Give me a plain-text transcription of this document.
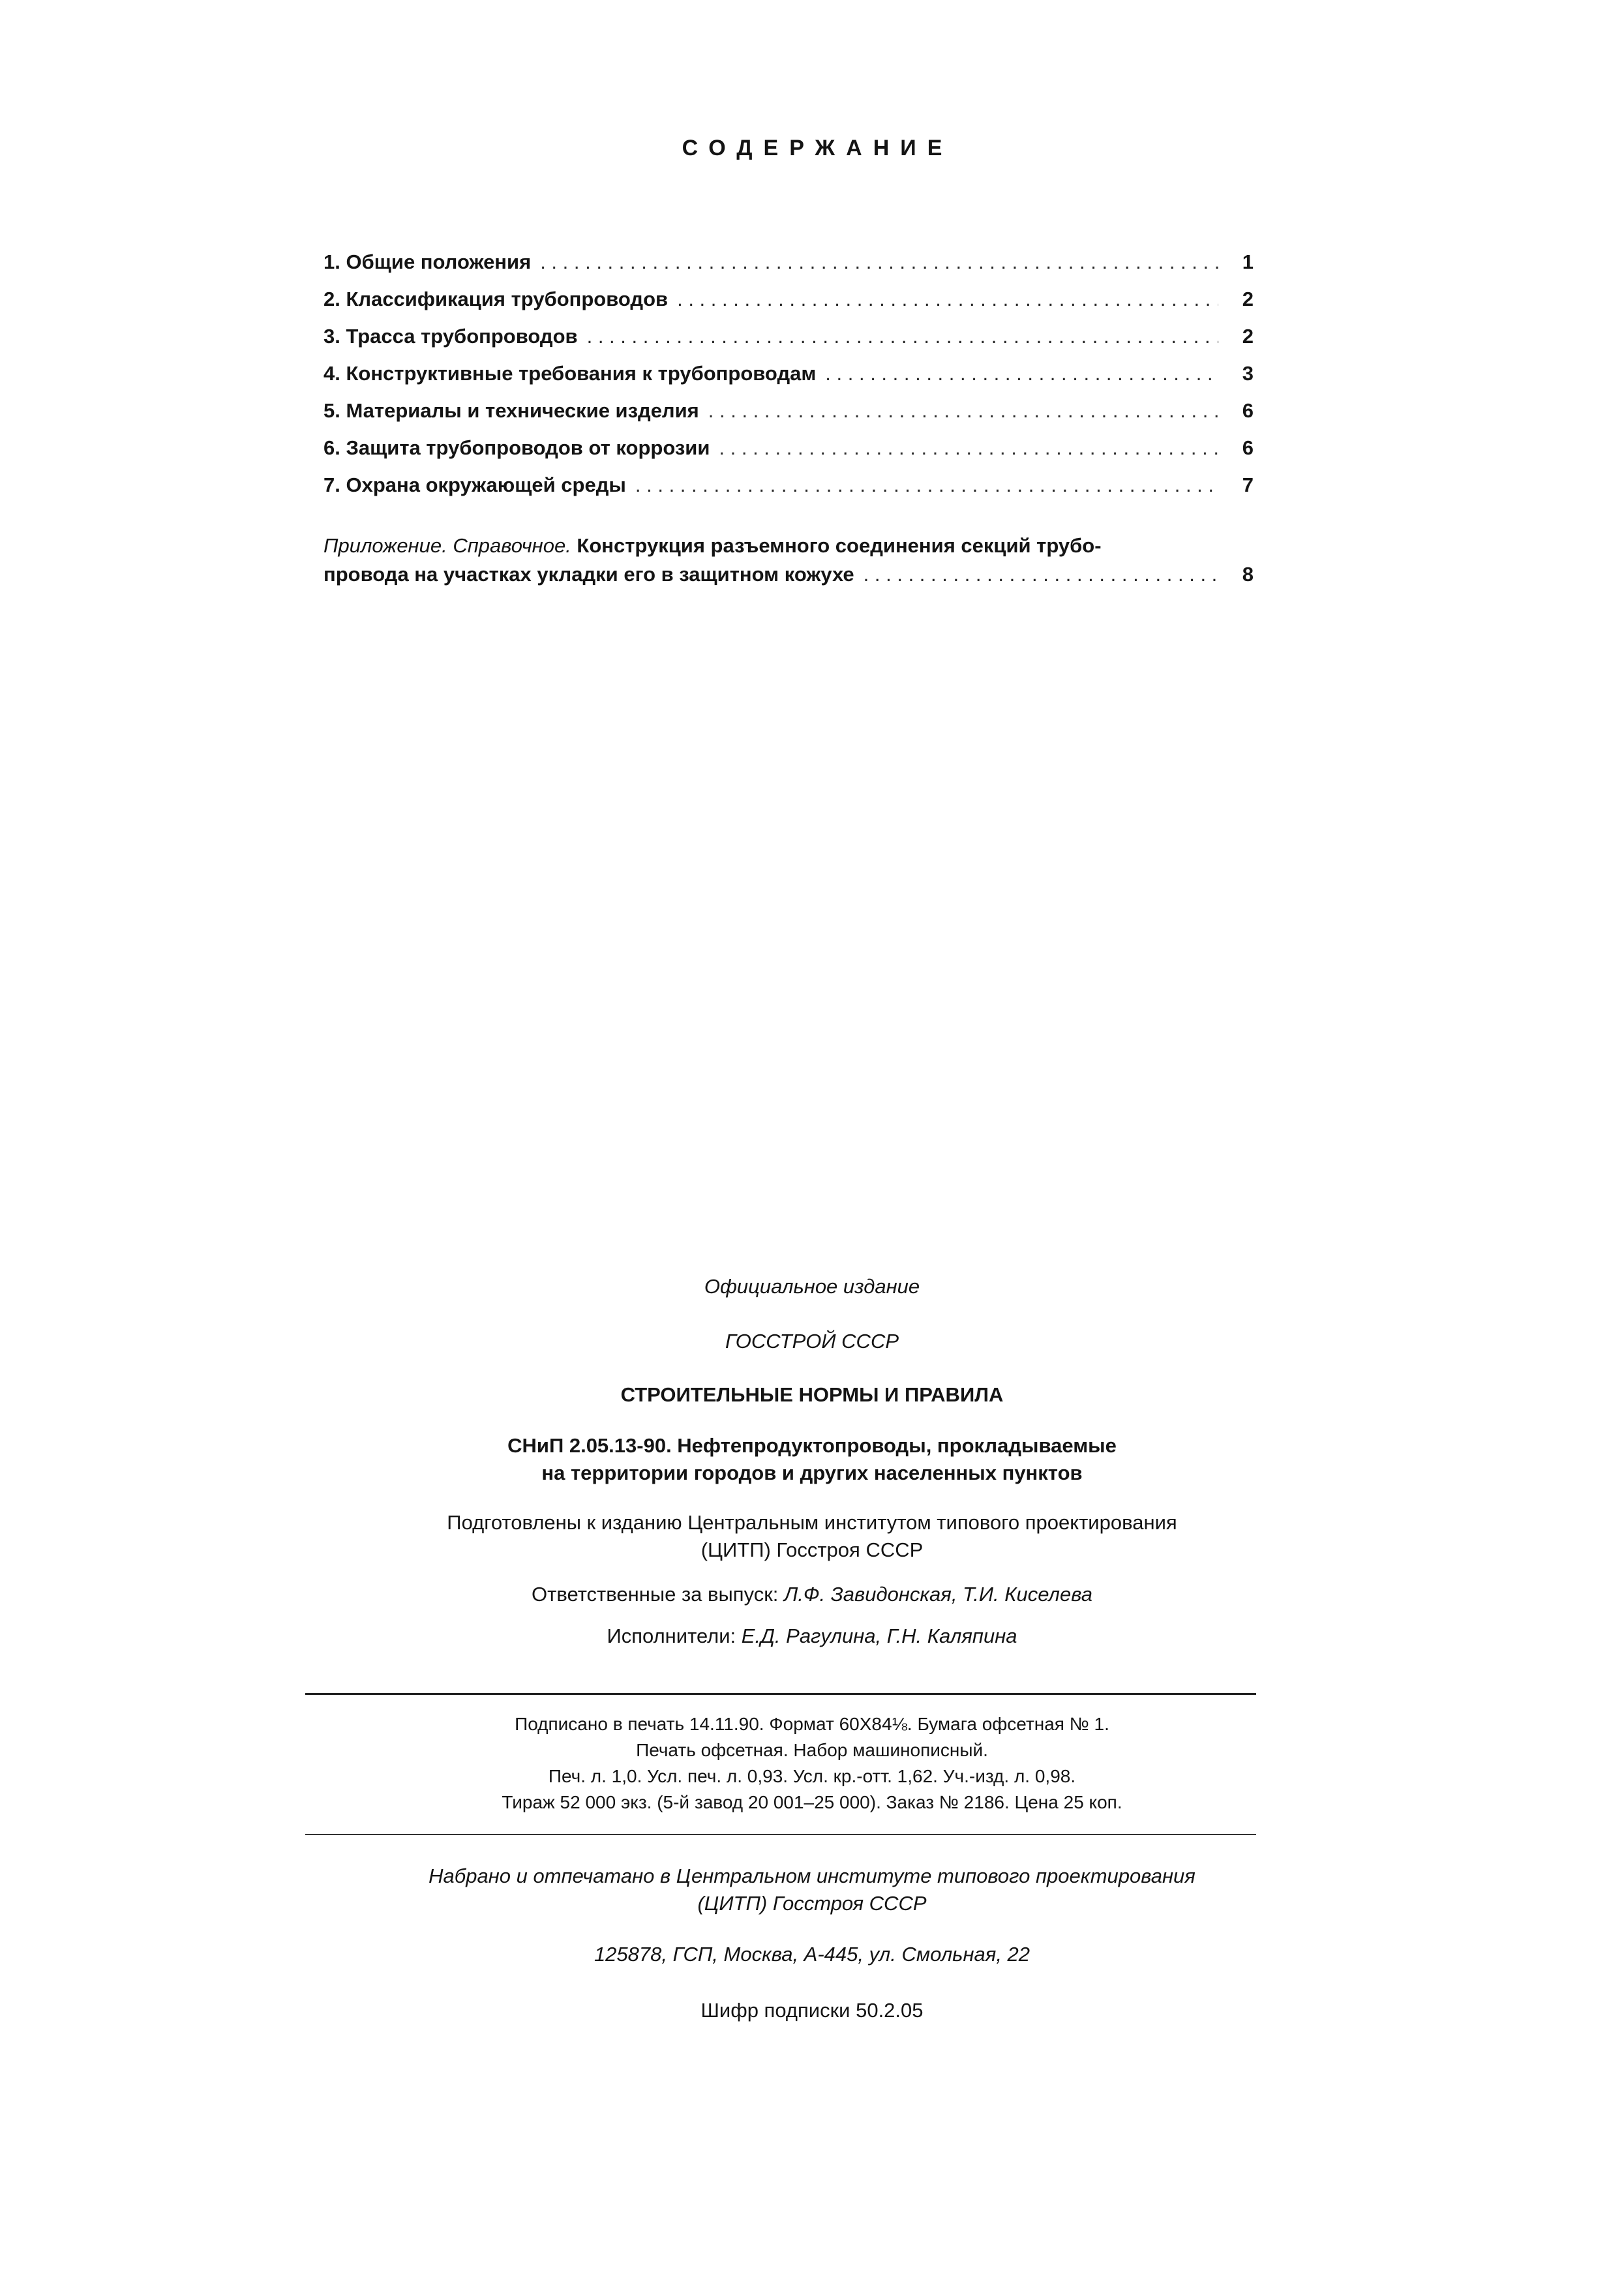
СОДЕРЖАНИЕ
1. Общие положения . . .	1
2. Классификация трубопроводов . . .	2
3. Трасса трубопроводов . . .	2
4. Конструктивные требования к трубопроводам . . .	3
5. Материалы и технические изделия . . .	6
6. Защита трубопроводов от коррозии . . .	6
7. Охрана окружающей среды . . .	7
Приложение. Справочное. Конструкция разъемного соединения секций трубо-
провода на участках укладки его в защитном кожухе . . .	8
Официальное издание
ГОССТРОЙ СССР
СТРОИТЕЛЬНЫЕ НОРМЫ И ПРАВИЛА
СНиП 2.05.13-90. Нефтепродуктопроводы, прокладываемые
на территории городов и других населенных пунктов
Подготовлены к изданию Центральным институтом типового проектирования
(ЦИТП) Госстроя СССР
Ответственные за выпуск: Л.Ф. Завидонская, Т.И. Киселева
Исполнители: Е.Д. Рагулина, Г.Н. Каляпина
Подписано в печать 14.11.90. Формат 60Х84⅛. Бумага офсетная № 1.
Печать офсетная. Набор машинописный.
Печ. л. 1,0. Усл. печ. л. 0,93. Усл. кр.-отт. 1,62. Уч.-изд. л. 0,98.
Тираж 52 000 экз. (5-й завод 20 001–25 000). Заказ № 2186. Цена 25 коп.
Набрано и отпечатано в Центральном институте типового проектирования
(ЦИТП) Госстроя СССР
125878, ГСП, Москва, А-445, ул. Смольная, 22
Шифр подписки 50.2.05
